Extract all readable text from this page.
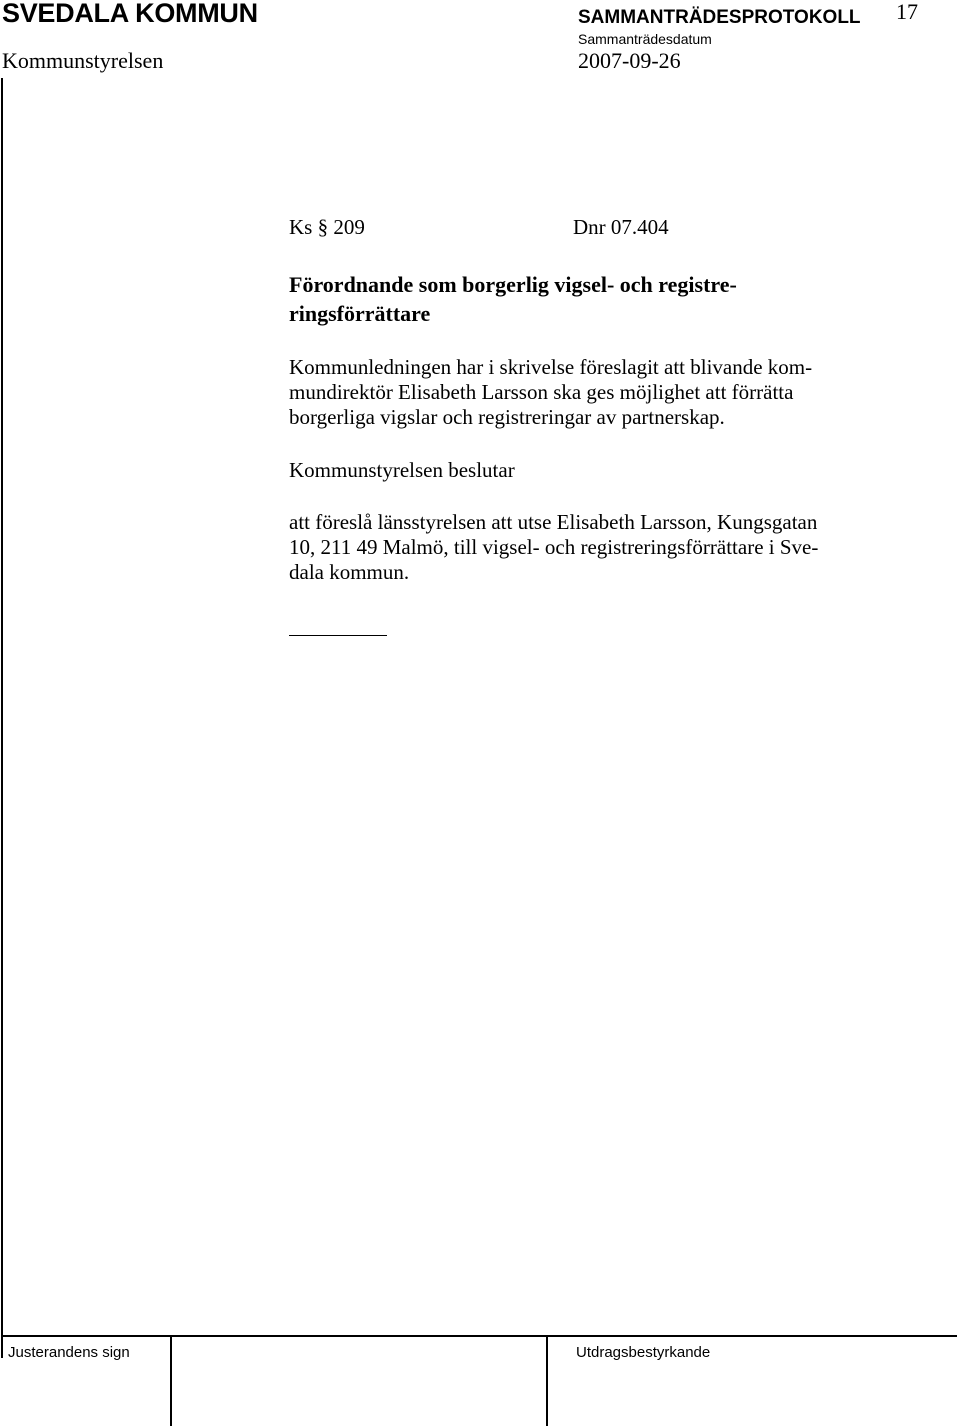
SVEDALA KOMMUN	SAMMANTRÄDESPROTOKOLL 17
Kommunstyrelsen
Sammanträdesdatum
2007-09-26
Ks § 209	Dnr 07.404
Förordnande som borgerlig vigsel- och registre-
ringsförrättare
Kommunledningen har i skrivelse föreslagit att blivande kom-
mundirektör Elisabeth Larsson ska ges möjlighet att förrätta
borgerliga vigslar och registreringar av partnerskap.
Kommunstyrelsen beslutar
att föreslå länsstyrelsen att utse Elisabeth Larsson, Kungsgatan
10, 211 49 Malmö, till vigsel- och registreringsförrättare i Sve-
dala kommun.
Justerandens sign	Utdragsbestyrkande
